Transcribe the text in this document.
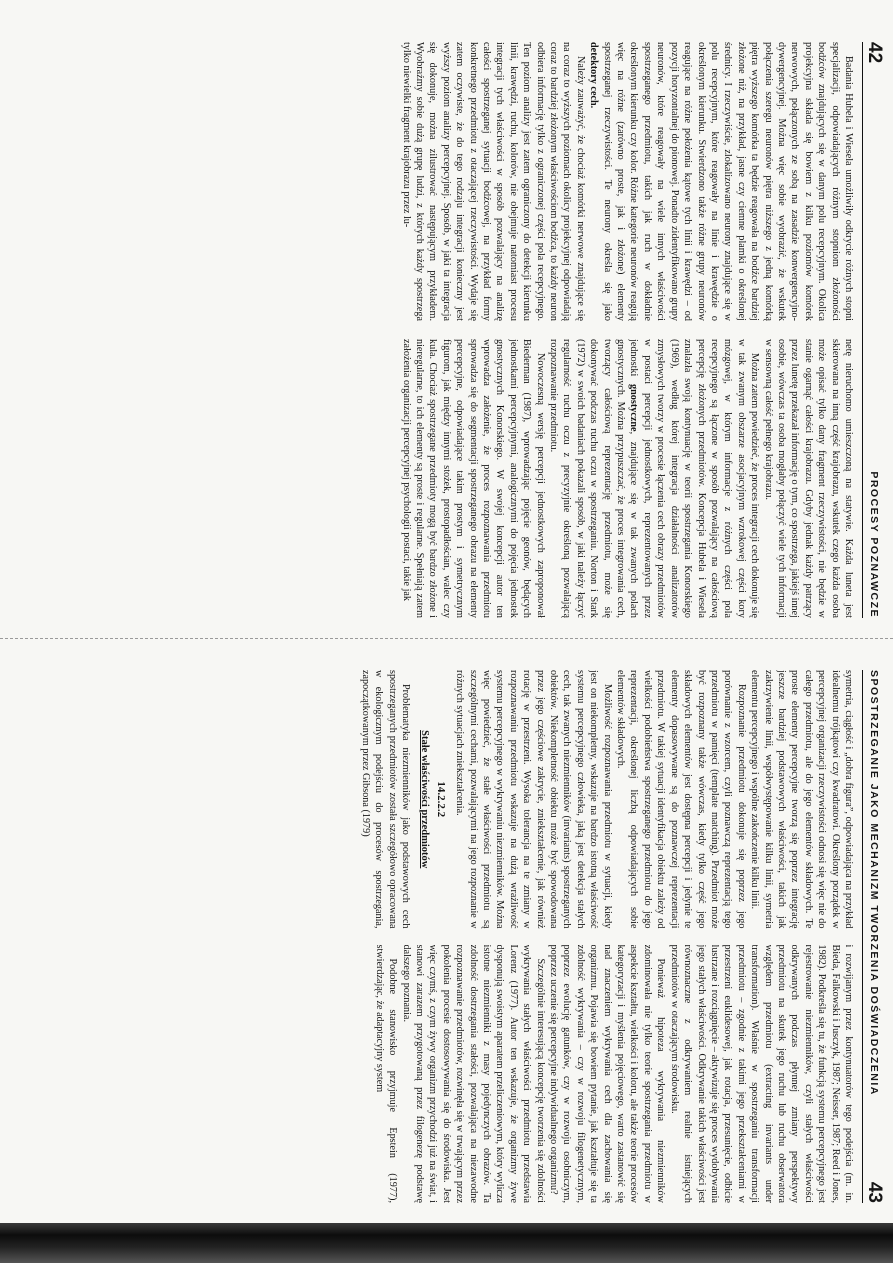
42
PROCESY POZNAWCZE

Badania Hubela i Wiesela umożliwiły odkrycie różnych stopni specjalizacji, odpowiadających różnym stopniom złożoności bodźców znajdujących się w danym polu recepcyjnym. Okolica projekcyjna składa się bowiem z kilku poziomów komórek nerwowych, połączonych ze sobą na zasadzie konwergencyjno-dywergencyjnej. Można więc sobie wyobrazić, że wskutek połączenia szeregu neuronów piętra niższego z jedną komórką piętra wyższego komórka ta będzie reagowała na bodźce bardziej złożone niż, na przykład, jasne czy ciemne plamki o określonej średnicy. I rzeczywiście, zlokalizowano neurony znajdujące się w polu recepcyjnym, które reagowały na linie i krawędzie o określonym kierunku. Stwierdzono także różne grupy neuronów reagujące na różne położenia kątowe tych linii i krawędzi – od pozycji horyzontalnej do pionowej. Ponadto zidentyfikowano grupy neuronów, które reagowały na wiele innych właściwości spostrzeganego przedmiotu, takich jak ruch w dokładnie określonym kierunku czy kolor. Różne kategorie neuronów reagują więc na różne (zarówno proste, jak i złożone) elementy spostrzeganej rzeczywistości. Te neurony określa się jako detektory cech.

Należy zauważyć, że chociaż komórki nerwowe znajdujące się na coraz to wyższych poziomach okolicy projekcyjnej odpowiadają coraz to bardziej złożonym właściwościom bodźca, to każdy neuron odbiera informację tylko z ograniczonej części pola recepcyjnego. Ten poziom analizy jest zatem ograniczony do detekcji kierunku linii, krawędzi, ruchu, kolorów, nie obejmuje natomiast procesu integracji tych właściwości w sposób pozwalający na analizę całości spostrzeganej sytuacji bodźcowej, na przykład formy konkretnego przedmiotu z otaczającej rzeczywistości. Wydaje się zatem oczywiste, że do tego rodzaju integracji konieczny jest wyższy poziom analizy percepcyjnej. Sposób, w jaki ta integracja się dokonuje, można zilustrować następującym przykładem. Wyobraźmy sobie dużą grupę ludzi, z których każdy spostrzega tylko niewielki fragment krajobrazu przez lu-

netę nieruchomo umieszczoną na statywie. Każda luneta jest skierowana na inną część krajobrazu, wskutek czego każda osoba może opisać tylko dany fragment rzeczywistości, nie będzie w stanie ogarnąć całości krajobrazu. Gdyby jednak każdy patrzący przez lunetę przekazał informację o tym, co spostrzega, jakiejś innej osobie, wówczas ta osoba mogłaby połączyć wiele tych informacji w sensowną całość pełnego krajobrazu.

Można zatem powiedzieć, że proces integracji cech dokonuje się w tak zwanym obszarze asocjacyjnym wzrokowej części kory mózgowej, w którym informacje z różnych części pola recepcyjnego są łączone w sposób pozwalający na całościową percepcję złożonych przedmiotów. Koncepcja Hubela i Wiesela znalazła swoją kontynuację w teorii spostrzegania Konorskiego (1969), według której integracja działalności analizatorów zmysłowych tworzy w procesie łączenia cech obrazy przedmiotów w postaci percepcji jednostkowych, reprezentowanych przez jednostki gnostyczne, znajdujące się w tak zwanych polach gnostycznych. Można przypuszczać, że proces integrowania cech, tworzący całościową reprezentację przedmiotu, może się dokonywać podczas ruchu oczu w spostrzeganiu. Norton i Stark (1972) w swoich badaniach pokazali sposób, w jaki należy łączyć regularność ruchu oczu z precyzyjnie określoną pozwalającą rozpoznawanie przedmiotu.

Nowoczesną wersję percepcji jednostkowych zaproponował Biederman (1987), wprowadzając pojęcie geonów, będących jednostkami percepcyjnymi, analogicznymi do pojęcia jednostek gnostycznych Konorskiego. W swojej koncepcji autor ten wprowadza założenie, że proces rozpoznawania przedmiotu sprowadza się do segmentacji spostrzeganego obrazu na elementy percepcyjne, odpowiadające takim prostym i symetrycznym figurom, jak między innymi stożek, prostopadłościan, walec czy kula. Chociaż spostrzegane przedmioty mogą być bardzo złożone i nieregularne, to ich elementy są proste i regularne. Spełniają zatem założenia organizacji percepcyjnej psychologii postaci, takie jak

SPOSTRZEGANIE JAKO MECHANIZM TWORZENIA DOŚWIADCZENIA
43

symetria, ciągłość i „dobra figura”, odpowiadająca na przykład idealnemu trójkątowi czy kwadratowi. Określony porządek w percepcyjnej organizacji rzeczywistości odnosi się więc nie do całego przedmiotu, ale do jego elementów składowych. Te proste elementy percepcyjne tworzą się poprzez integrację jeszcze bardziej podstawowych właściwości, takich jak zakrzywienie linii, współwystępowanie kilku linii, symetria elementu percepcyjnego i wspólne zakończenie kilku linii.

Rozpoznanie przedmiotu dokonuje się poprzez jego porównanie z wzorcem, czyli poznawczą reprezentacją tego przedmiotu w pamięci (template matching). Przedmiot może być rozpoznany także wówczas, kiedy tylko część jego składowych elementów jest dostępna percepcji i jedynie te elementy dopasowywane są do poznawczej reprezentacji przedmiotu. W takiej sytuacji identyfikacja obiektu zależy od wielkości podobieństwa spostrzeganego przedmiotu do jego reprezentacji, określonej liczbą odpowiadających sobie elementów składowych.

Możliwość rozpoznawania przedmiotu w sytuacji, kiedy jest on niekompletny, wskazuje na bardzo istotną właściwość systemu percepcyjnego człowieka, jaką jest detekcja stałych cech, tak zwanych niezmienników (invariants) spostrzeganych obiektów. Niekompletność obiektu może być spowodowana przez jego częściowe zakrycie, zniekształcenie, jak również rotację w przestrzeni. Wysoka tolerancja na te zmiany w rozpoznawaniu przedmiotu wskazuje na dużą wrażliwość systemu percepcyjnego w wykrywaniu niezmienników. Można więc powiedzieć, że stałe właściwości przedmiotu są szczególnymi cechami, pozwalającymi na jego rozpoznanie w różnych sytuacjach zniekształcenia.

14.2.2.2
Stałe właściwości przedmiotów

Problematyka niezmienników jako podstawowych cech spostrzeganych przedmiotów została szczegółowo opracowana w ekologicznym podejściu do procesów spostrzegania, zapoczątkowanym przez Gibsona (1979)

i rozwijanym przez kontynuatorów tego podejścia (m. in. Bieda, Falkowski i Jusczyk, 1987; Neisser, 1987; Reed i Jones, 1982). Podkreśla się tu, że funkcją systemu percepcyjnego jest rejestrowanie niezmienników, czyli stałych właściwości odkrywanych podczas płynnej zmiany perspektywy przedmiotu na skutek jego ruchu lub ruchu obserwatora względem przedmiotu (extracting invariants under transformation). Właśnie w spostrzeganiu transformacji przedmiotu – zgodnie z takimi jego przekształceniami w przestrzeni euklidesowej, jak rotacja, przesunięcie, odbicie lustrzane i rozciągnięcie – aktywizuje się proces wydobywania jego stałych właściwości. Odkrywanie takich właściwości jest równoznaczne z odkrywaniem realnie istniejących przedmiotów w otaczającym środowisku.

Ponieważ hipoteza wykrywania niezmienników zdominowała nie tylko teorie spostrzegania przedmiotu w aspekcie kształtu, wielkości i koloru, ale także teorie procesów kategoryzacji i myślenia pojęciowego, warto zastanowić się nad znaczeniem wykrywania cech dla zachowania się organizmu. Pojawia się bowiem pytanie, jak kształtuje się ta zdolność wykrywania – czy w rozwoju filogenetycznym, poprzez ewolucję gatunków, czy w rozwoju osobniczym, poprzez uczenie się percepcyjne indywidualnego organizmu?

Szczególnie interesującą koncepcję tworzenia się zdolności wykrywania stałych właściwości przedmiotu przedstawia Lorenz (1977). Autor ten wskazuje, że organizmy żywe dysponują swoistym aparatem przeliczeniowym, który wylicza istotne niezmienniki z masy pojedynczych obrazów. Ta zdolność dostrzegania stałości, pozwalająca na niezawodne rozpoznawanie przedmiotów, rozwinęła się w trwającym przez pokolenia procesie dostosowywania się do środowiska. Jest więc czymś, z czym żywy organizm przychodzi już na świat, i stanowi zarazem przygotowaną przez filogenezę podstawę dalszego poznania.

Podobne stanowisko przyjmuje Epstein (1977), stwierdzając, że adaptacyjny system
